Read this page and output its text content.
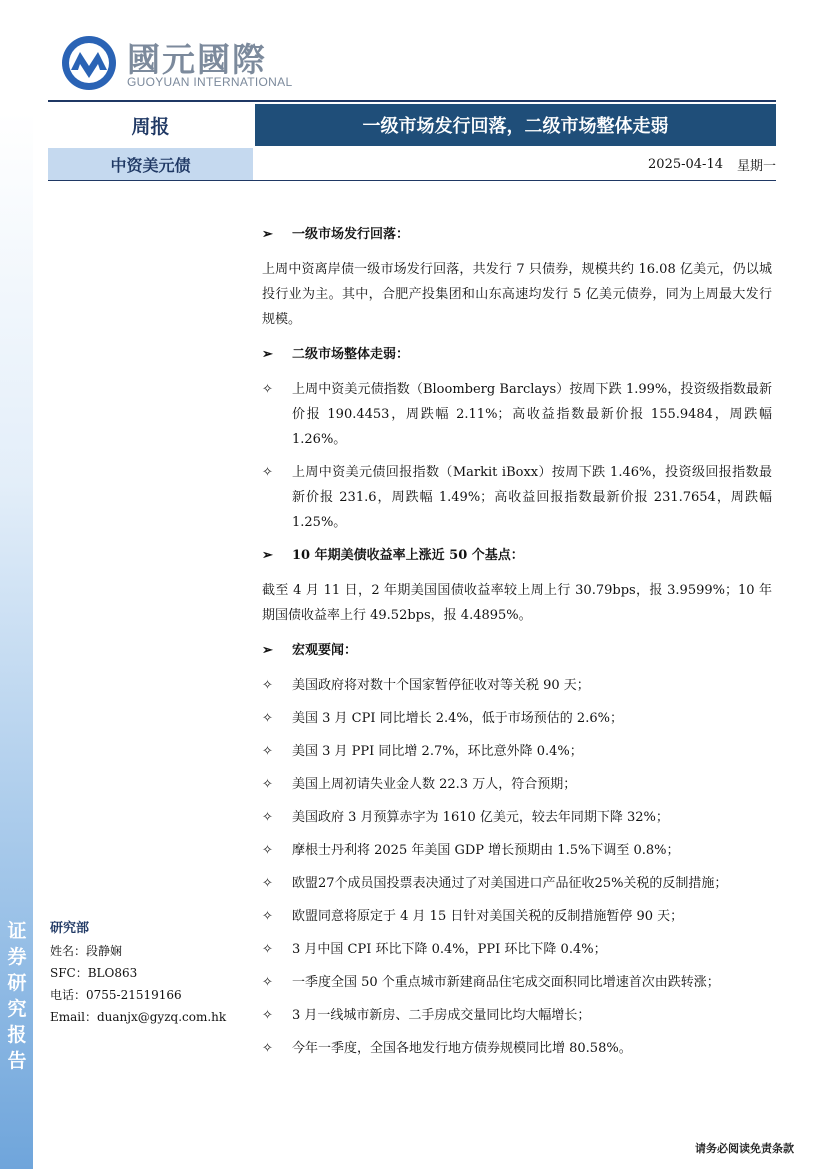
证券研究报告
國元國際
GUOYUAN INTERNATIONAL
周报	一级市场发行回落，二级市场整体走弱
中资美元债	2025-04-14 星期一
➢	一级市场发行回落：
上周中资离岸债一级市场发行回落，共发行 7 只债券，规模共约 16.08 亿美元，仍以城投行业为主。其中，合肥产投集团和山东高速均发行 5 亿美元债券，同为上周最大发行规模。
➢	二级市场整体走弱：
✧	上周中资美元债指数（Bloomberg Barclays）按周下跌 1.99%，投资级指数最新价报 190.4453，周跌幅 2.11%；高收益指数最新价报 155.9484，周跌幅 1.26%。
✧	上周中资美元债回报指数（Markit iBoxx）按周下跌 1.46%，投资级回报指数最新价报 231.6，周跌幅 1.49%；高收益回报指数最新价报 231.7654，周跌幅 1.25%。
➢	10 年期美债收益率上涨近 50 个基点：
截至 4 月 11 日，2 年期美国国债收益率较上周上行 30.79bps，报 3.9599%；10 年期国债收益率上行 49.52bps，报 4.4895%。
➢	宏观要闻：
✧	美国政府将对数十个国家暂停征收对等关税 90 天；
✧	美国 3 月 CPI 同比增长 2.4%，低于市场预估的 2.6%；
✧	美国 3 月 PPI 同比增 2.7%，环比意外降 0.4%；
✧	美国上周初请失业金人数 22.3 万人，符合预期；
✧	美国政府 3 月预算赤字为 1610 亿美元，较去年同期下降 32%；
✧	摩根士丹利将 2025 年美国 GDP 增长预期由 1.5%下调至 0.8%；
✧	欧盟27个成员国投票表决通过了对美国进口产品征收25%关税的反制措施；
✧	欧盟同意将原定于 4 月 15 日针对美国关税的反制措施暂停 90 天；
✧	3 月中国 CPI 环比下降 0.4%，PPI 环比下降 0.4%；
✧	一季度全国 50 个重点城市新建商品住宅成交面积同比增速首次由跌转涨；
✧	3 月一线城市新房、二手房成交量同比均大幅增长；
✧	今年一季度，全国各地发行地方债券规模同比增 80.58%。
研究部
姓名：段静娴
SFC：BLO863
电话：0755-21519166
Email：duanjx@gyzq.com.hk
请务必阅读免责条款
